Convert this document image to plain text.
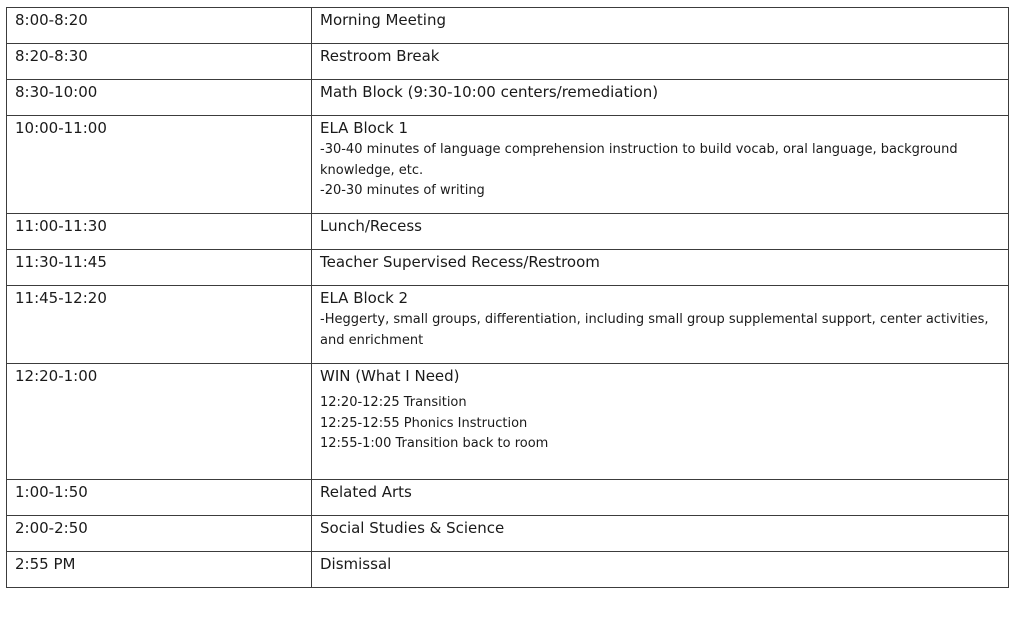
8:00-8:20	Morning Meeting

8:20-8:30	Restroom Break

8:30-10:00	Math Block (9:30-10:00 centers/remediation)

10:00-11:00	ELA Block 1
-30-40 minutes of language comprehension instruction to build vocab, oral language, background knowledge, etc.
-20-30 minutes of writing

11:00-11:30	Lunch/Recess

11:30-11:45	Teacher Supervised Recess/Restroom

11:45-12:20	ELA Block 2
-Heggerty, small groups, differentiation, including small group supplemental support, center activities, and enrichment

12:20-1:00	WIN (What I Need)
12:20-12:25 Transition
12:25-12:55 Phonics Instruction
12:55-1:00 Transition back to room

1:00-1:50	Related Arts

2:00-2:50	Social Studies & Science

2:55 PM	Dismissal
